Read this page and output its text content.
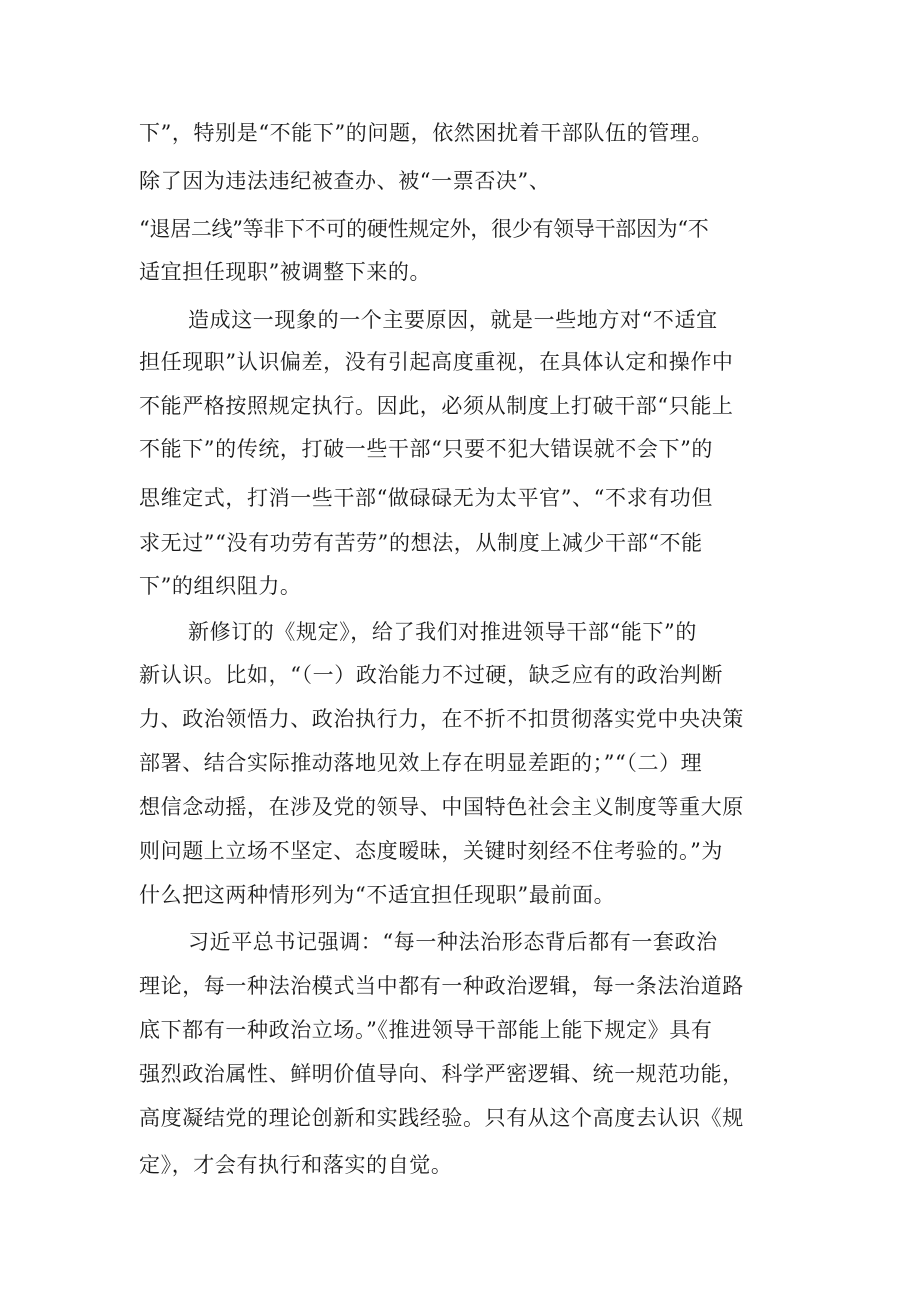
下”，特别是“不能下”的问题，依然困扰着干部队伍的管理。
除了因为违法违纪被查办、被“一票否决”、
“退居二线”等非下不可的硬性规定外，很少有领导干部因为“不
适宜担任现职”被调整下来的。
造成这一现象的一个主要原因，就是一些地方对“不适宜
担任现职”认识偏差，没有引起高度重视，在具体认定和操作中
不能严格按照规定执行。因此，必须从制度上打破干部“只能上
不能下”的传统，打破一些干部“只要不犯大错误就不会下”的
思维定式，打消一些干部“做碌碌无为太平官”、“不求有功但
求无过”“没有功劳有苦劳”的想法，从制度上减少干部“不能
下”的组织阻力。
新修订的《规定》，给了我们对推进领导干部“能下”的
新认识。比如，“（一）政治能力不过硬，缺乏应有的政治判断
力、政治领悟力、政治执行力，在不折不扣贯彻落实党中央决策
部署、结合实际推动落地见效上存在明显差距的；”“（二）理
想信念动摇，在涉及党的领导、中国特色社会主义制度等重大原
则问题上立场不坚定、态度暧昧，关键时刻经不住考验的。”为
什么把这两种情形列为“不适宜担任现职”最前面。
习近平总书记强调：“每一种法治形态背后都有一套政治
理论，每一种法治模式当中都有一种政治逻辑，每一条法治道路
底下都有一种政治立场。”《推进领导干部能上能下规定》具有
强烈政治属性、鲜明价值导向、科学严密逻辑、统一规范功能，
高度凝结党的理论创新和实践经验。只有从这个高度去认识《规
定》，才会有执行和落实的自觉。
